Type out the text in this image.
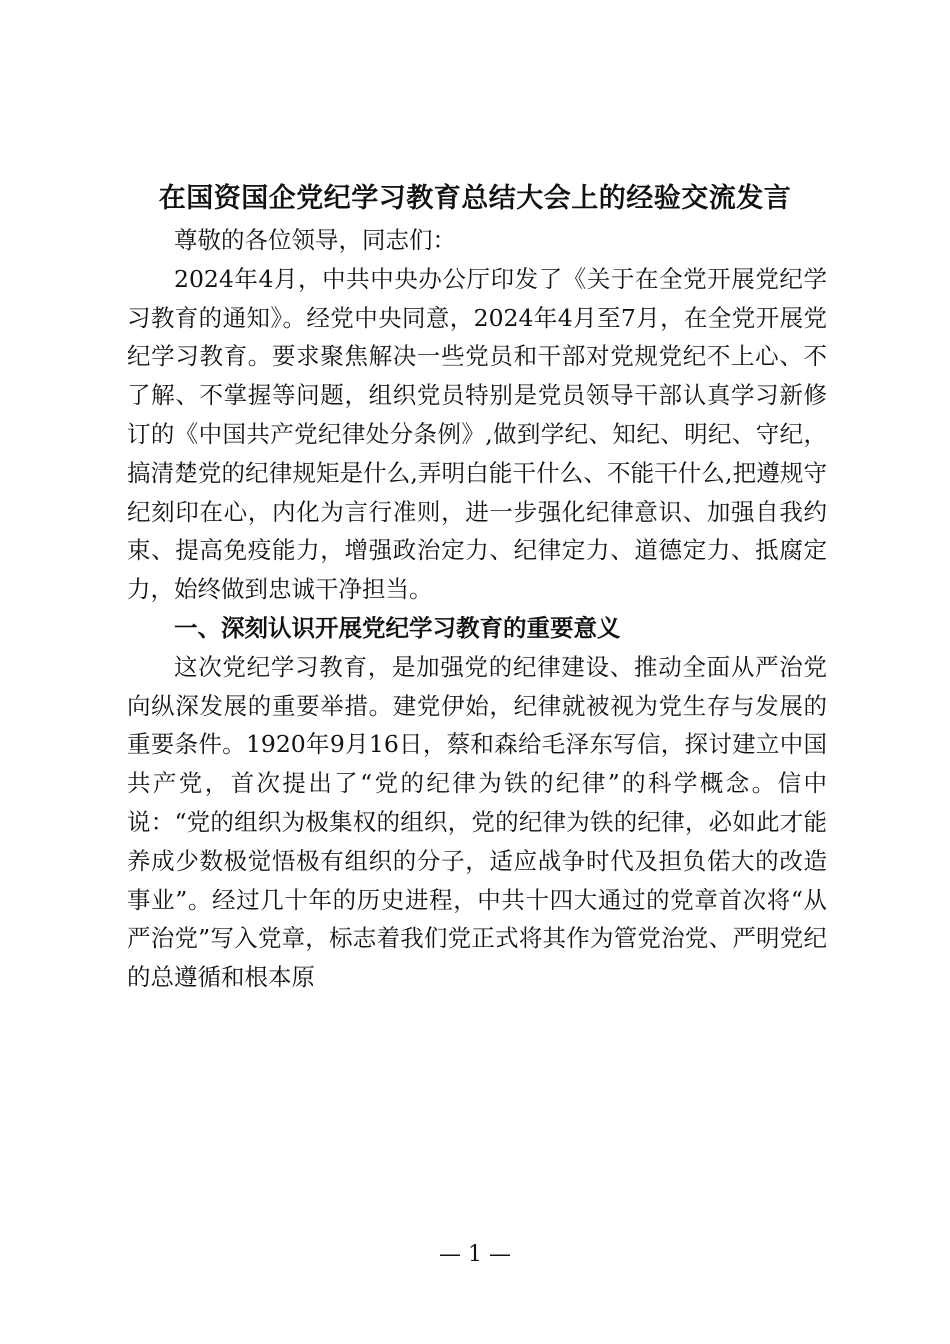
在国资国企党纪学习教育总结大会上的经验交流发言

尊敬的各位领导，同志们：

2024年4月，中共中央办公厅印发了《关于在全党开展党纪学习教育的通知》。经党中央同意，2024年4月至7月，在全党开展党纪学习教育。要求聚焦解决一些党员和干部对党规党纪不上心、不了解、不掌握等问题，组织党员特别是党员领导干部认真学习新修订的《中国共产党纪律处分条例》,做到学纪、知纪、明纪、守纪，搞清楚党的纪律规矩是什么,弄明白能干什么、不能干什么,把遵规守纪刻印在心，内化为言行准则，进一步强化纪律意识、加强自我约束、提高免疫能力，增强政治定力、纪律定力、道德定力、抵腐定力，始终做到忠诚干净担当。

一、深刻认识开展党纪学习教育的重要意义

这次党纪学习教育，是加强党的纪律建设、推动全面从严治党向纵深发展的重要举措。建党伊始，纪律就被视为党生存与发展的重要条件。1920年9月16日，蔡和森给毛泽东写信，探讨建立中国共产党，首次提出了“党的纪律为铁的纪律”的科学概念。信中说：“党的组织为极集权的组织，党的纪律为铁的纪律，必如此才能养成少数极觉悟极有组织的分子，适应战争时代及担负偌大的改造事业”。经过几十年的历史进程，中共十四大通过的党章首次将“从严治党”写入党章，标志着我们党正式将其作为管党治党、严明党纪的总遵循和根本原

— 1 —
